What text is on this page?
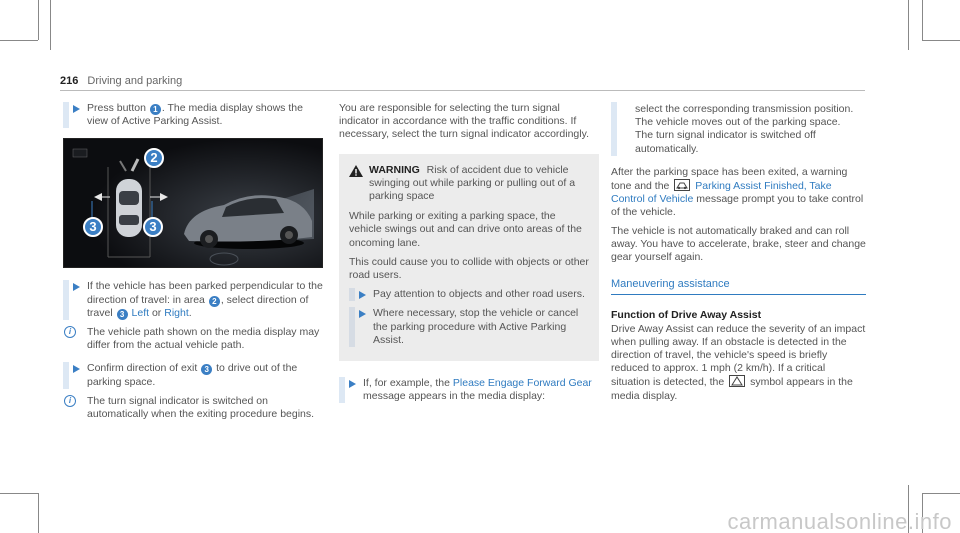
216 Driving and parking

Press button 1 . The media display shows the view of Active Parking Assist.

2
3	3

If the vehicle has been parked perpendicular to the direction of travel: in area 2 , select direction of travel 3 Left or Right.

i	The vehicle path shown on the media display may differ from the actual vehicle path.

Confirm direction of exit 3 to drive out of the parking space.

i	The turn signal indicator is switched on automatically when the exiting procedure begins.

You are responsible for selecting the turn signal indicator in accordance with the traffic conditions. If necessary, select the turn signal indicator accordingly.

WARNING Risk of accident due to vehicle swinging out while parking or pulling out of a parking space

While parking or exiting a parking space, the vehicle swings out and can drive onto areas of the oncoming lane.

This could cause you to collide with objects or other road users.

Pay attention to objects and other road users.

Where necessary, stop the vehicle or cancel the parking procedure with Active Parking Assist.

If, for example, the Please Engage Forward Gear message appears in the media display:

select the corresponding transmission position.

The vehicle moves out of the parking space.

The turn signal indicator is switched off automatically.

After the parking space has been exited, a warning tone and the Parking Assist Finished, Take Control of Vehicle message prompt you to take control of the vehicle.

The vehicle is not automatically braked and can roll away. You have to accelerate, brake, steer and change gear yourself again.

Maneuvering assistance
Function of Drive Away Assist

Drive Away Assist can reduce the severity of an impact when pulling away. If an obstacle is detected in the direction of travel, the vehicle's speed is briefly reduced to approx. 1 mph (2 km/h). If a critical situation is detected, the symbol appears in the media display.

carmanualsonline.info
